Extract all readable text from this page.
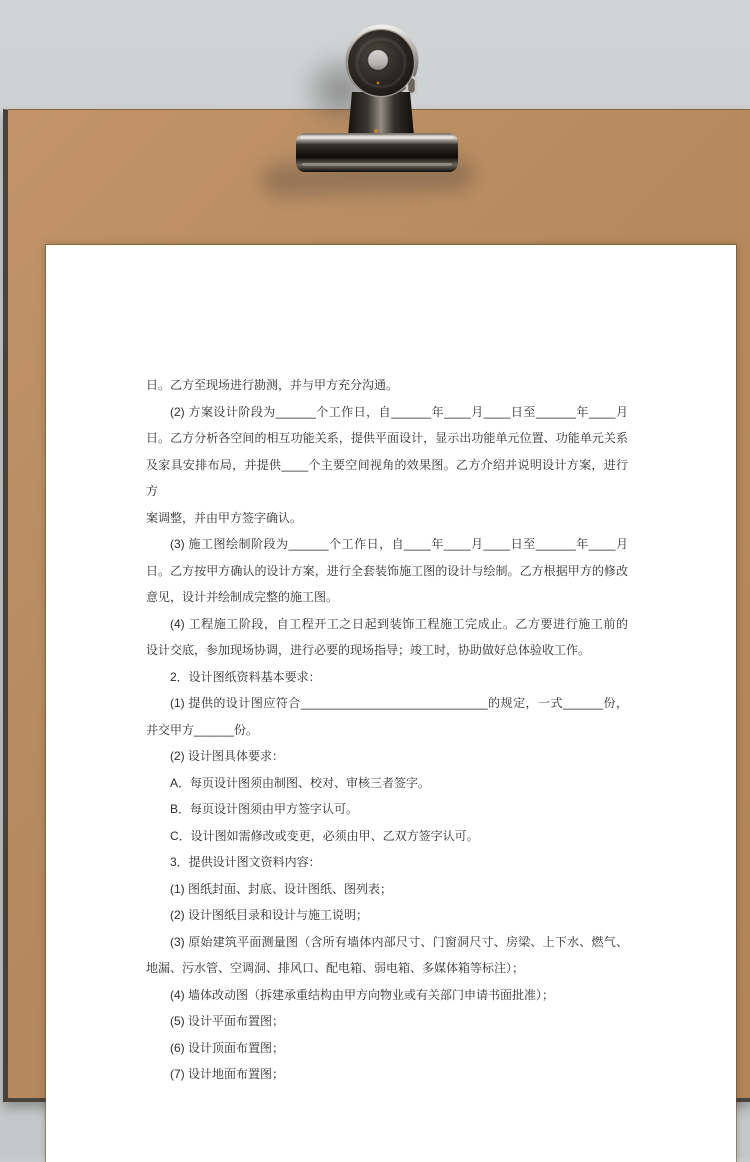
日。乙方至现场进行勘测，并与甲方充分沟通。
(2) 方案设计阶段为______个工作日，自______年____月____日至______年____月
日。乙方分析各空间的相互功能关系，提供平面设计，显示出功能单元位置、功能单元关系
及家具安排布局，并提供____个主要空间视角的效果图。乙方介绍并说明设计方案，进行方
案调整，并由甲方签字确认。
(3) 施工图绘制阶段为______个工作日，自____年____月____日至______年____月
日。乙方按甲方确认的设计方案，进行全套装饰施工图的设计与绘制。乙方根据甲方的修改
意见，设计并绘制成完整的施工图。
(4) 工程施工阶段，自工程开工之日起到装饰工程施工完成止。乙方要进行施工前的
设计交底，参加现场协调，进行必要的现场指导；竣工时，协助做好总体验收工作。
2．设计图纸资料基本要求：
(1) 提供的设计图应符合____________________________的规定，一式______份，
并交甲方______份。
(2) 设计图具体要求：
A．每页设计图须由制图、校对、审核三者签字。
B．每页设计图须由甲方签字认可。
C．设计图如需修改或变更，必须由甲、乙双方签字认可。
3．提供设计图文资料内容：
(1) 图纸封面、封底、设计图纸、图列表；
(2) 设计图纸目录和设计与施工说明；
(3) 原始建筑平面测量图（含所有墙体内部尺寸、门窗洞尺寸、房梁、上下水、燃气、
地漏、污水管、空调洞、排风口、配电箱、弱电箱、多媒体箱等标注）；
(4) 墙体改动图（拆建承重结构由甲方向物业或有关部门申请书面批准）；
(5) 设计平面布置图；
(6) 设计顶面布置图；
(7) 设计地面布置图；
